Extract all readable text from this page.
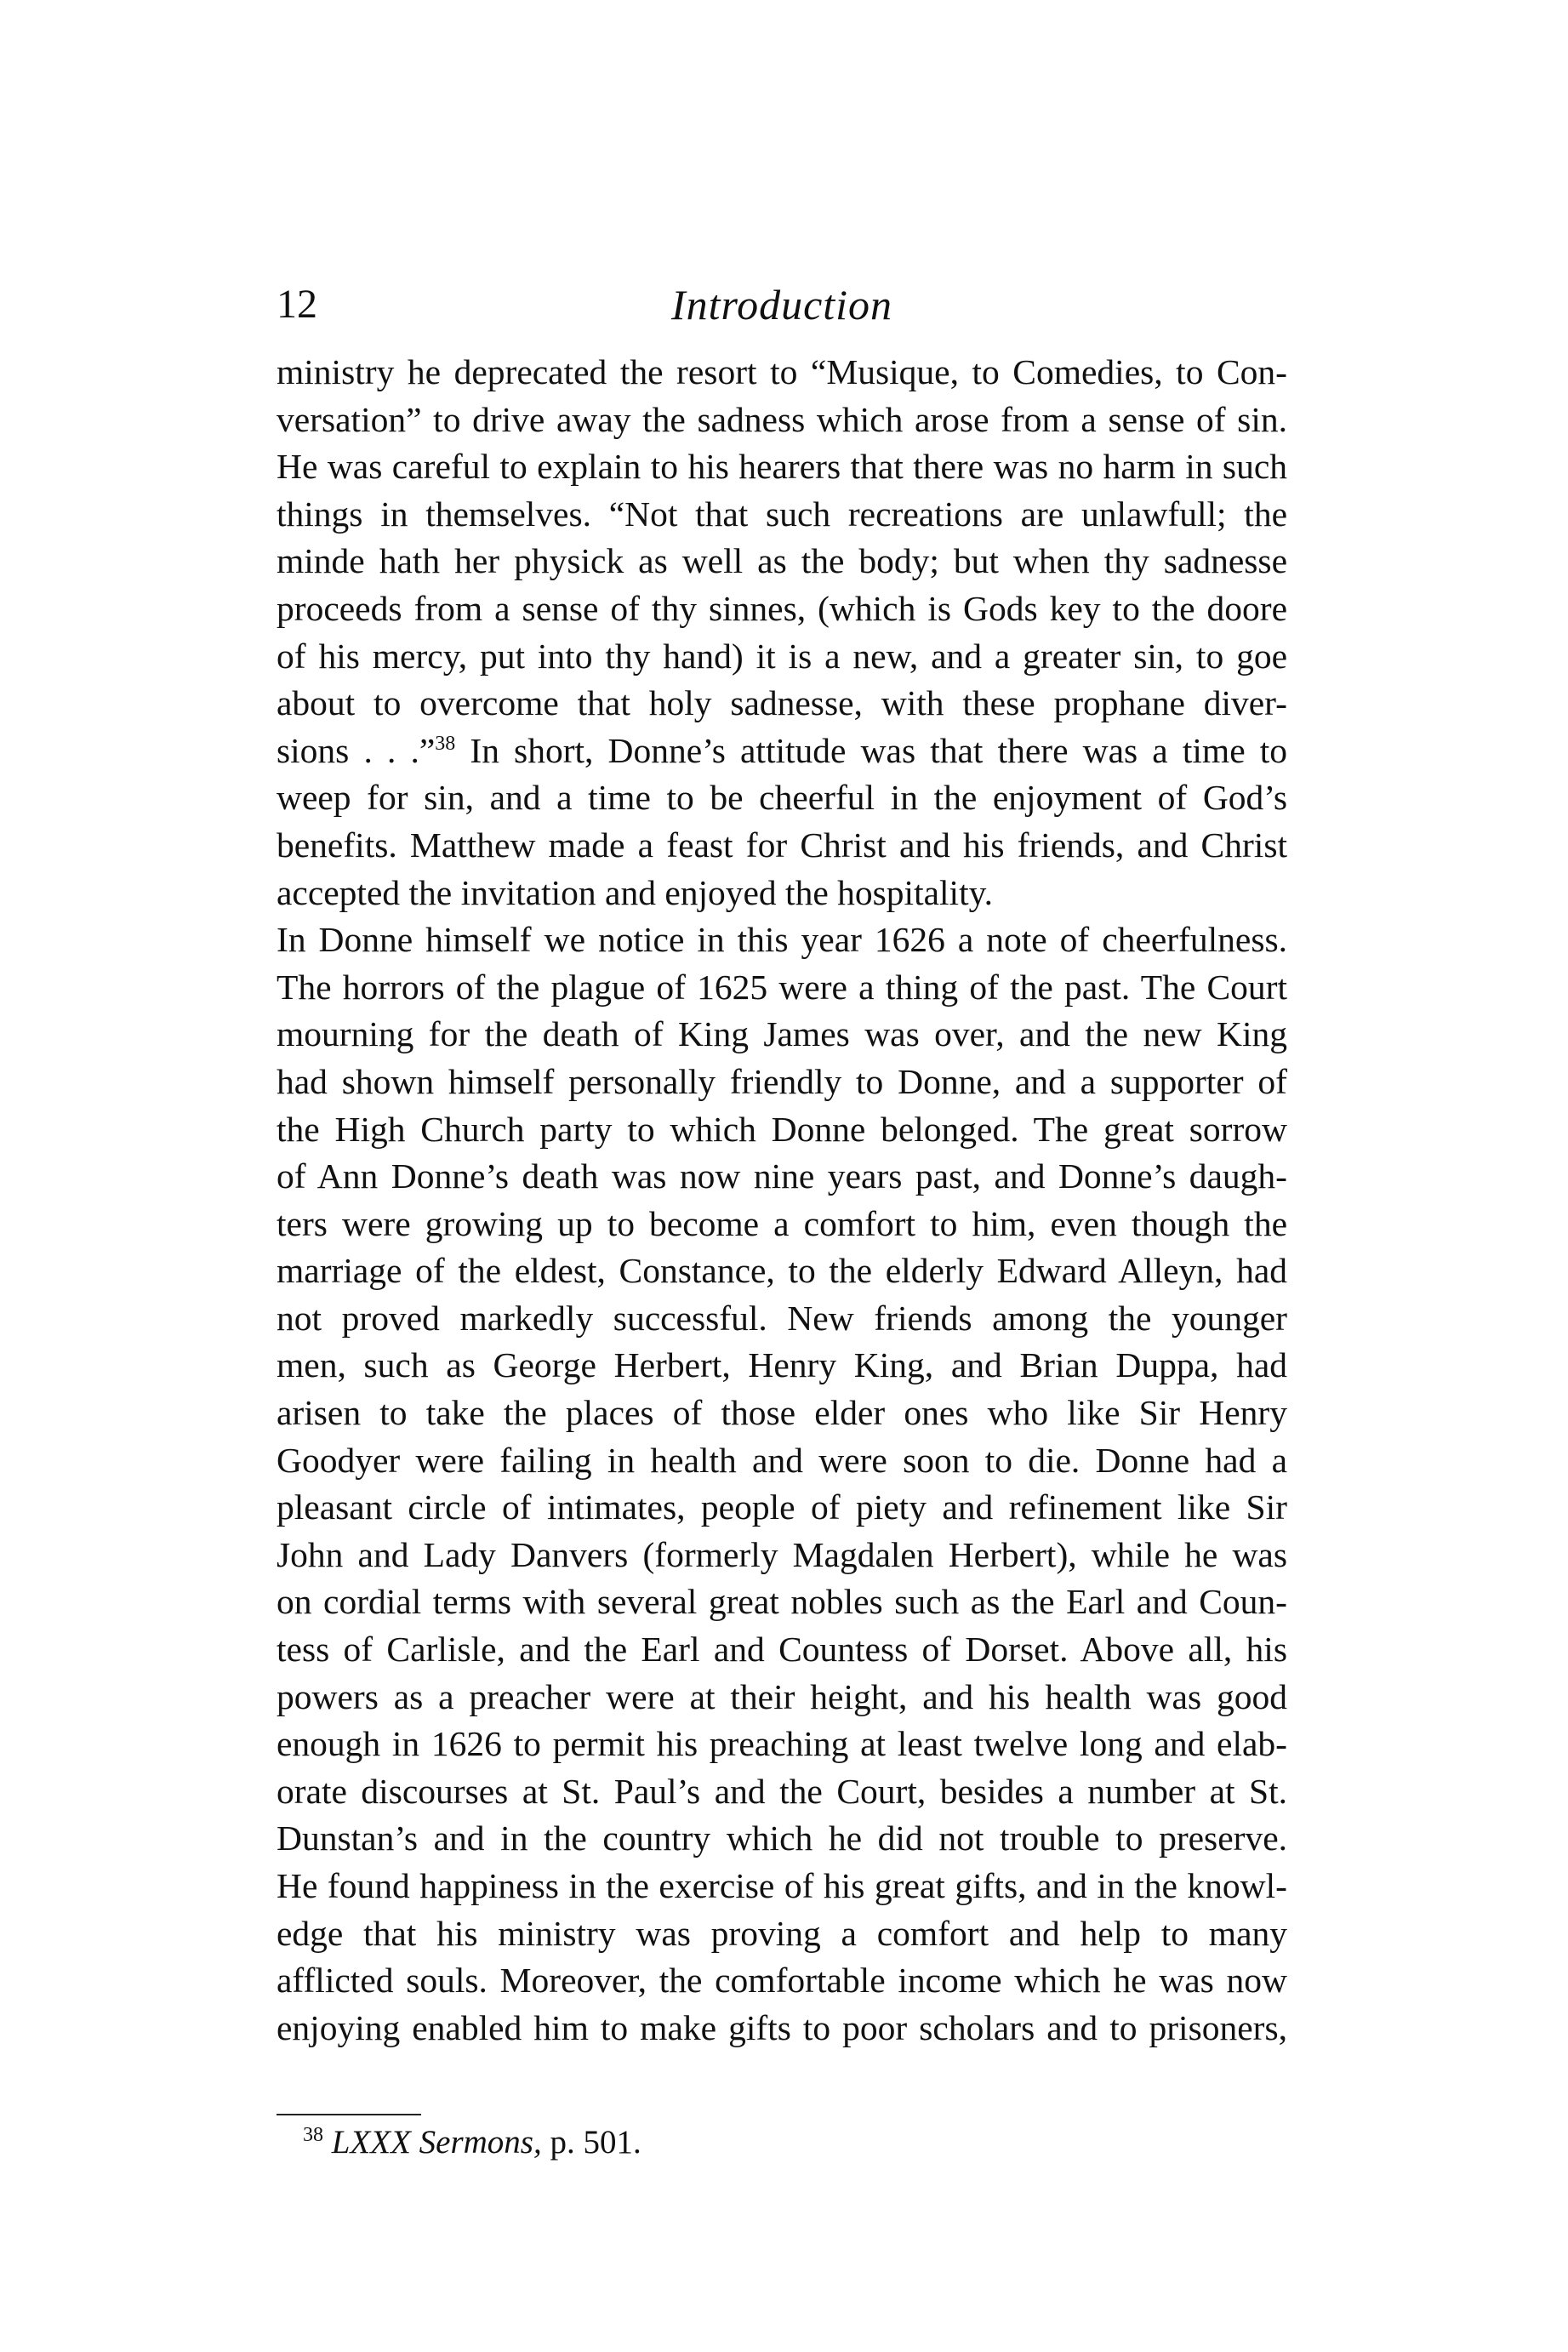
12	Introduction
ministry he deprecated the resort to “Musique, to Comedies, to Con-
versation” to drive away the sadness which arose from a sense of sin.
He was careful to explain to his hearers that there was no harm in such
things in themselves. “Not that such recreations are unlawfull; the
minde hath her physick as well as the body; but when thy sadnesse
proceeds from a sense of thy sinnes, (which is Gods key to the doore
of his mercy, put into thy hand) it is a new, and a greater sin, to goe
about to overcome that holy sadnesse, with these prophane diver-
sions . . .”$^{38}$ In short, Donne’s attitude was that there was a time to
weep for sin, and a time to be cheerful in the enjoyment of God’s
benefits. Matthew made a feast for Christ and his friends, and Christ
accepted the invitation and enjoyed the hospitality.
In Donne himself we notice in this year 1626 a note of cheerfulness.
The horrors of the plague of 1625 were a thing of the past. The Court
mourning for the death of King James was over, and the new King
had shown himself personally friendly to Donne, and a supporter of
the High Church party to which Donne belonged. The great sorrow
of Ann Donne’s death was now nine years past, and Donne’s daugh-
ters were growing up to become a comfort to him, even though the
marriage of the eldest, Constance, to the elderly Edward Alleyn, had
not proved markedly successful. New friends among the younger
men, such as George Herbert, Henry King, and Brian Duppa, had
arisen to take the places of those elder ones who like Sir Henry
Goodyer were failing in health and were soon to die. Donne had a
pleasant circle of intimates, people of piety and refinement like Sir
John and Lady Danvers (formerly Magdalen Herbert), while he was
on cordial terms with several great nobles such as the Earl and Coun-
tess of Carlisle, and the Earl and Countess of Dorset. Above all, his
powers as a preacher were at their height, and his health was good
enough in 1626 to permit his preaching at least twelve long and elab-
orate discourses at St. Paul’s and the Court, besides a number at St.
Dunstan’s and in the country which he did not trouble to preserve.
He found happiness in the exercise of his great gifts, and in the knowl-
edge that his ministry was proving a comfort and help to many
afflicted souls. Moreover, the comfortable income which he was now
enjoying enabled him to make gifts to poor scholars and to prisoners,
$^{38}$ LXXX Sermons, p. 501.
